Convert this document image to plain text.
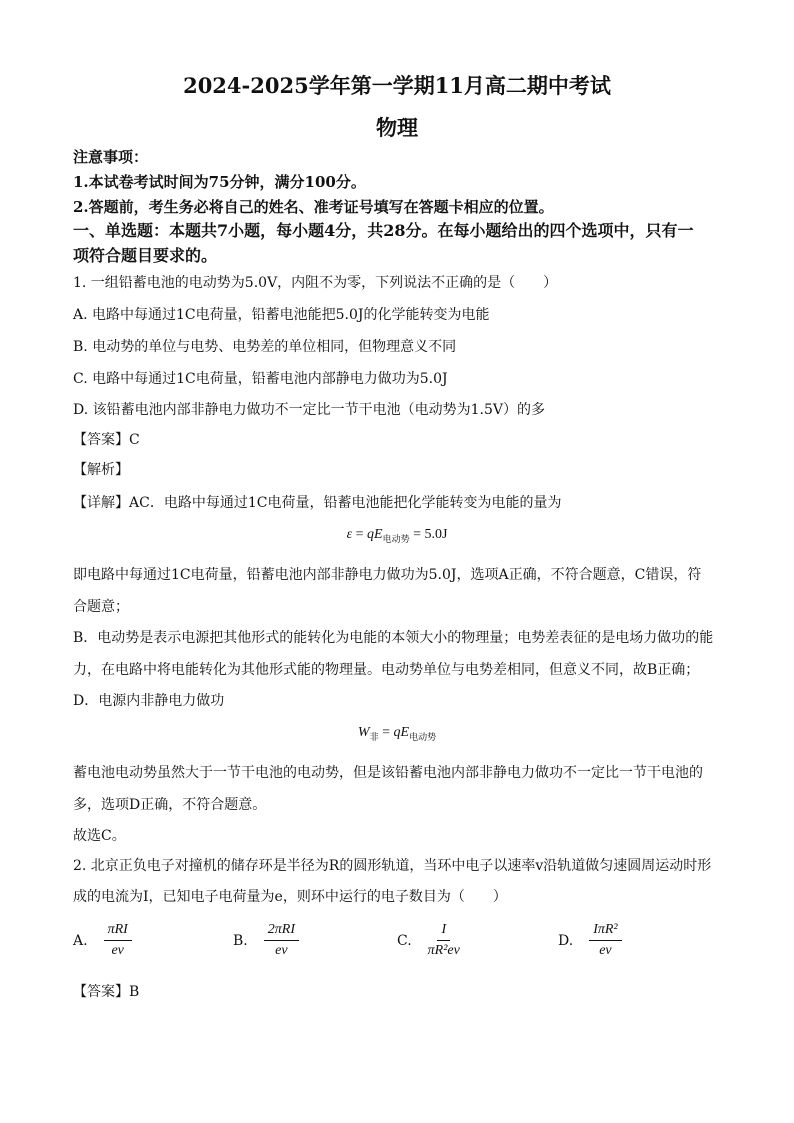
2024-2025学年第一学期11月高二期中考试
物理
注意事项：
1.本试卷考试时间为75分钟，满分100分。
2.答题前，考生务必将自己的姓名、准考证号填写在答题卡相应的位置。
一、单选题：本题共7小题，每小题4分，共28分。在每小题给出的四个选项中，只有一
项符合题目要求的。
1. 一组铅蓄电池的电动势为5.0V，内阻不为零，下列说法不正确的是（　　）
A. 电路中每通过1C电荷量，铅蓄电池能把5.0J的化学能转变为电能
B. 电动势的单位与电势、电势差的单位相同，但物理意义不同
C. 电路中每通过1C电荷量，铅蓄电池内部静电力做功为5.0J
D. 该铅蓄电池内部非静电力做功不一定比一节干电池（电动势为1.5V）的多
【答案】C
【解析】
【详解】AC．电路中每通过1C电荷量，铅蓄电池能把化学能转变为电能的量为
$\varepsilon = qE_{电动势} = 5.0J$
即电路中每通过1C电荷量，铅蓄电池内部非静电力做功为5.0J，选项A正确，不符合题意，C错误，符
合题意；
B．电动势是表示电源把其他形式的能转化为电能的本领大小的物理量；电势差表征的是电场力做功的能
力，在电路中将电能转化为其他形式能的物理量。电动势单位与电势差相同，但意义不同，故B正确；
D．电源内非静电力做功
$W_非 = qE_{电动势}$
蓄电池电动势虽然大于一节干电池的电动势，但是该铅蓄电池内部非静电力做功不一定比一节干电池的
多，选项D正确，不符合题意。
故选C。
2. 北京正负电子对撞机的储存环是半径为R的圆形轨道，当环中电子以速率v沿轨道做匀速圆周运动时形
成的电流为I，已知电子电荷量为e，则环中运行的电子数目为（　　）
A. $\frac{\text{πRI}}{ev}$	B. $\frac{\text{2πRI}}{ev}$	C. $\frac{I}{\text{πR²ev}}$	D. $\frac{\text{IπR²}}{ev}$
【答案】B
